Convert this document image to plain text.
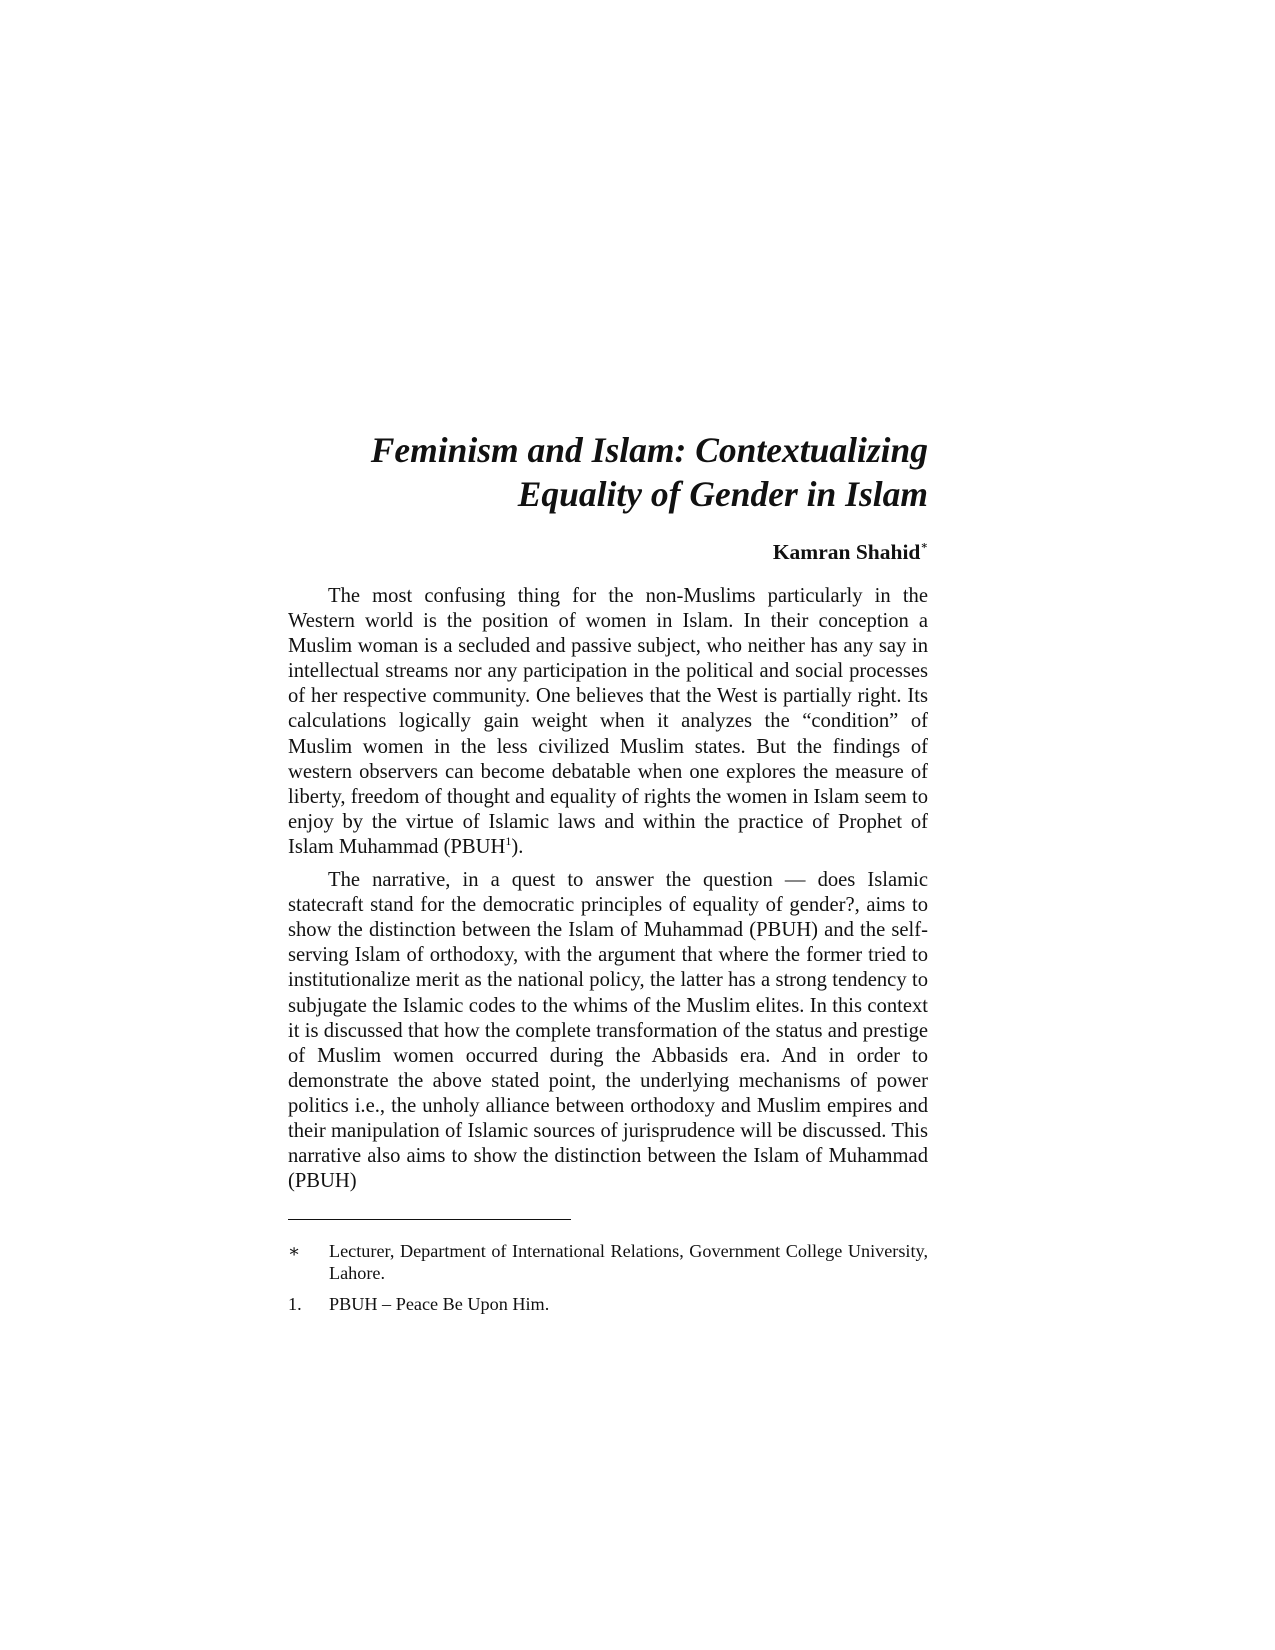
Feminism and Islam: Contextualizing
Equality of Gender in Islam
Kamran Shahid∗

The most confusing thing for the non-Muslims particularly in the Western world is the position of women in Islam. In their conception a Muslim woman is a secluded and passive subject, who neither has any say in intellectual streams nor any participation in the political and social processes of her respective community. One believes that the West is partially right. Its calculations logically gain weight when it analyzes the “condition” of Muslim women in the less civilized Muslim states. But the findings of western observers can become debatable when one explores the measure of liberty, freedom of thought and equality of rights the women in Islam seem to enjoy by the virtue of Islamic laws and within the practice of Prophet of Islam Muhammad (PBUH$^1$).

The narrative, in a quest to answer the question — does Islamic statecraft stand for the democratic principles of equality of gender?, aims to show the distinction between the Islam of Muhammad (PBUH) and the self-serving Islam of orthodoxy, with the argument that where the former tried to institutionalize merit as the national policy, the latter has a strong tendency to subjugate the Islamic codes to the whims of the Muslim elites. In this context it is discussed that how the complete transformation of the status and prestige of Muslim women occurred during the Abbasids era. And in order to demonstrate the above stated point, the underlying mechanisms of power politics i.e., the unholy alliance between orthodoxy and Muslim empires and their manipulation of Islamic sources of jurisprudence will be discussed. This narrative also aims to show the distinction between the Islam of Muhammad (PBUH)

∗	Lecturer, Department of International Relations, Government College University, Lahore.
1.	PBUH – Peace Be Upon Him.
